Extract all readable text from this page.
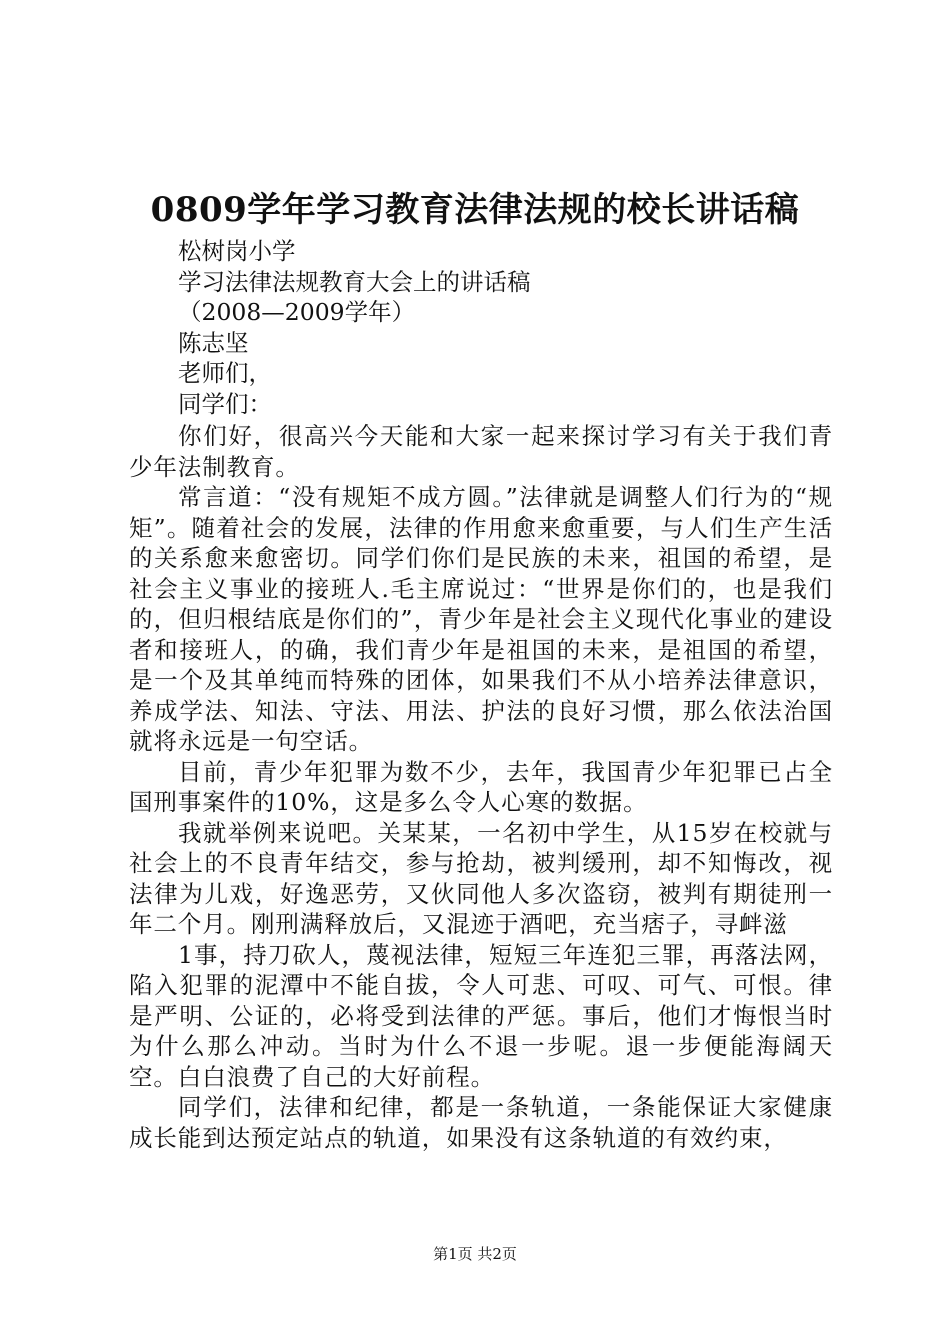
0809学年学习教育法律法规的校长讲话稿

松树岗小学

学习法律法规教育大会上的讲话稿

（2008—2009学年）

陈志坚

老师们，

同学们：

你们好，很高兴今天能和大家一起来探讨学习有关于我们青少年法制教育。

常言道：“没有规矩不成方圆。”法律就是调整人们行为的“规矩”。随着社会的发展，法律的作用愈来愈重要，与人们生产生活的关系愈来愈密切。同学们你们是民族的未来，祖国的希望，是社会主义事业的接班人.毛主席说过：“世界是你们的，也是我们的，但归根结底是你们的”，青少年是社会主义现代化事业的建设者和接班人，的确，我们青少年是祖国的未来，是祖国的希望，是一个及其单纯而特殊的团体，如果我们不从小培养法律意识，养成学法、知法、守法、用法、护法的良好习惯，那么依法治国就将永远是一句空话。

目前，青少年犯罪为数不少，去年，我国青少年犯罪已占全国刑事案件的10%，这是多么令人心寒的数据。

我就举例来说吧。关某某，一名初中学生，从15岁在校就与社会上的不良青年结交，参与抢劫，被判缓刑，却不知悔改，视法律为儿戏，好逸恶劳，又伙同他人多次盗窃，被判有期徒刑一年二个月。刚刑满释放后，又混迹于酒吧，充当痞子，寻衅滋

1事，持刀砍人，蔑视法律，短短三年连犯三罪，再落法网，陷入犯罪的泥潭中不能自拔，令人可悲、可叹、可气、可恨。律是严明、公证的，必将受到法律的严惩。事后，他们才悔恨当时为什么那么冲动。当时为什么不退一步呢。退一步便能海阔天空。白白浪费了自己的大好前程。

同学们，法律和纪律，都是一条轨道，一条能保证大家健康成长能到达预定站点的轨道，如果没有这条轨道的有效约束，

第1页 共2页
